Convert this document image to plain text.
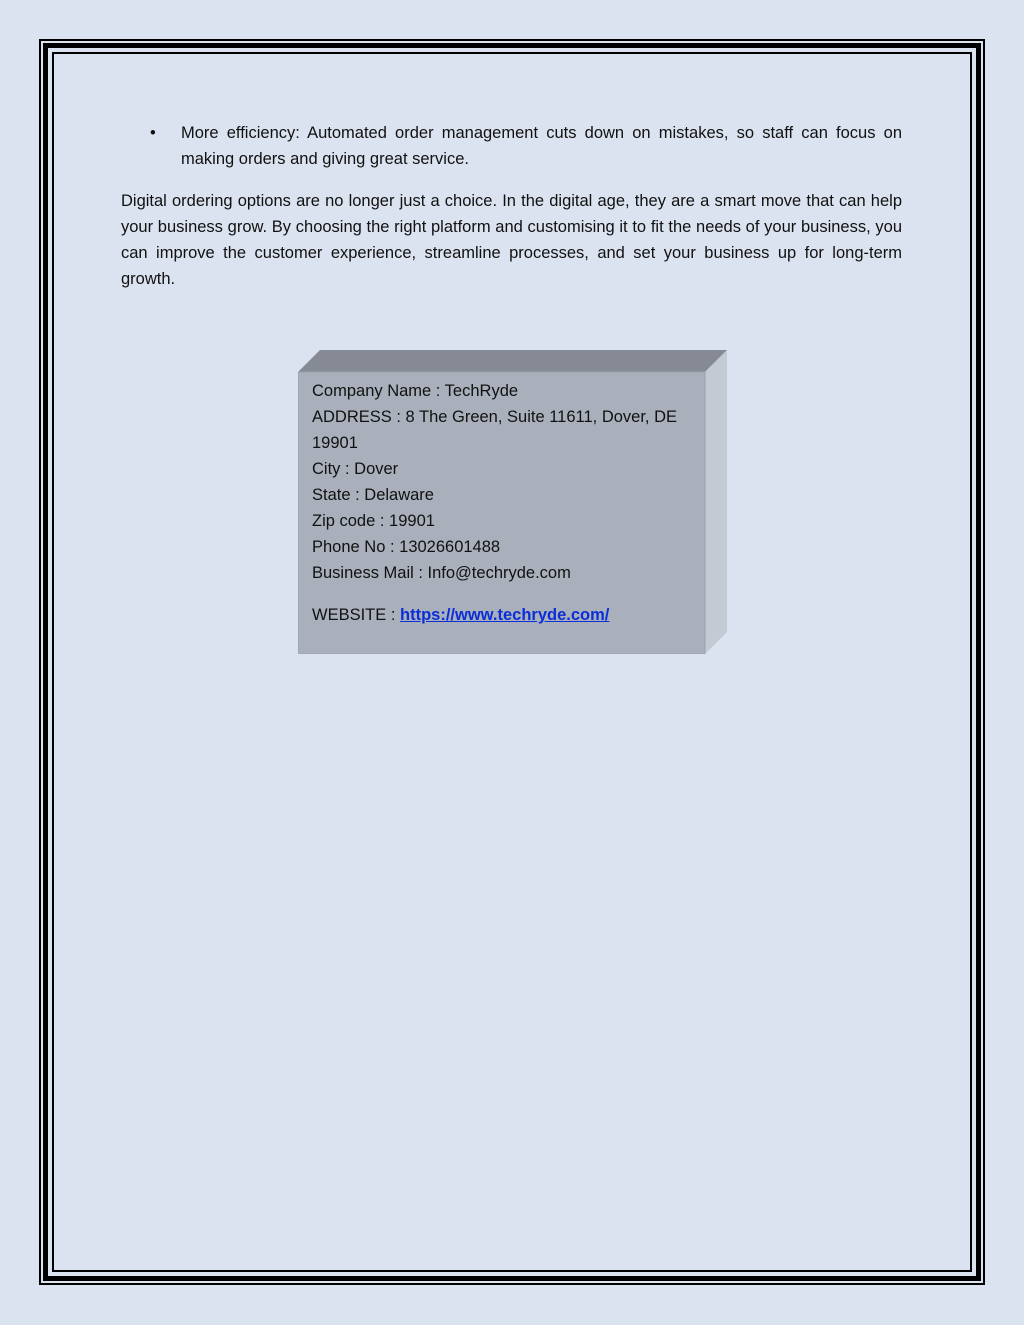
• More efficiency: Automated order management cuts down on mistakes, so staff can focus on making orders and giving great service.
Digital ordering options are no longer just a choice. In the digital age, they are a smart move that can help your business grow. By choosing the right platform and customising it to fit the needs of your business, you can improve the customer experience, streamline processes, and set your business up for long-term growth.
Company Name : TechRyde
ADDRESS : 8 The Green, Suite 11611, Dover, DE 19901
City : Dover
State : Delaware
Zip code : 19901
Phone No : 13026601488
Business Mail : Info@techryde.com
WEBSITE : https://www.techryde.com/
